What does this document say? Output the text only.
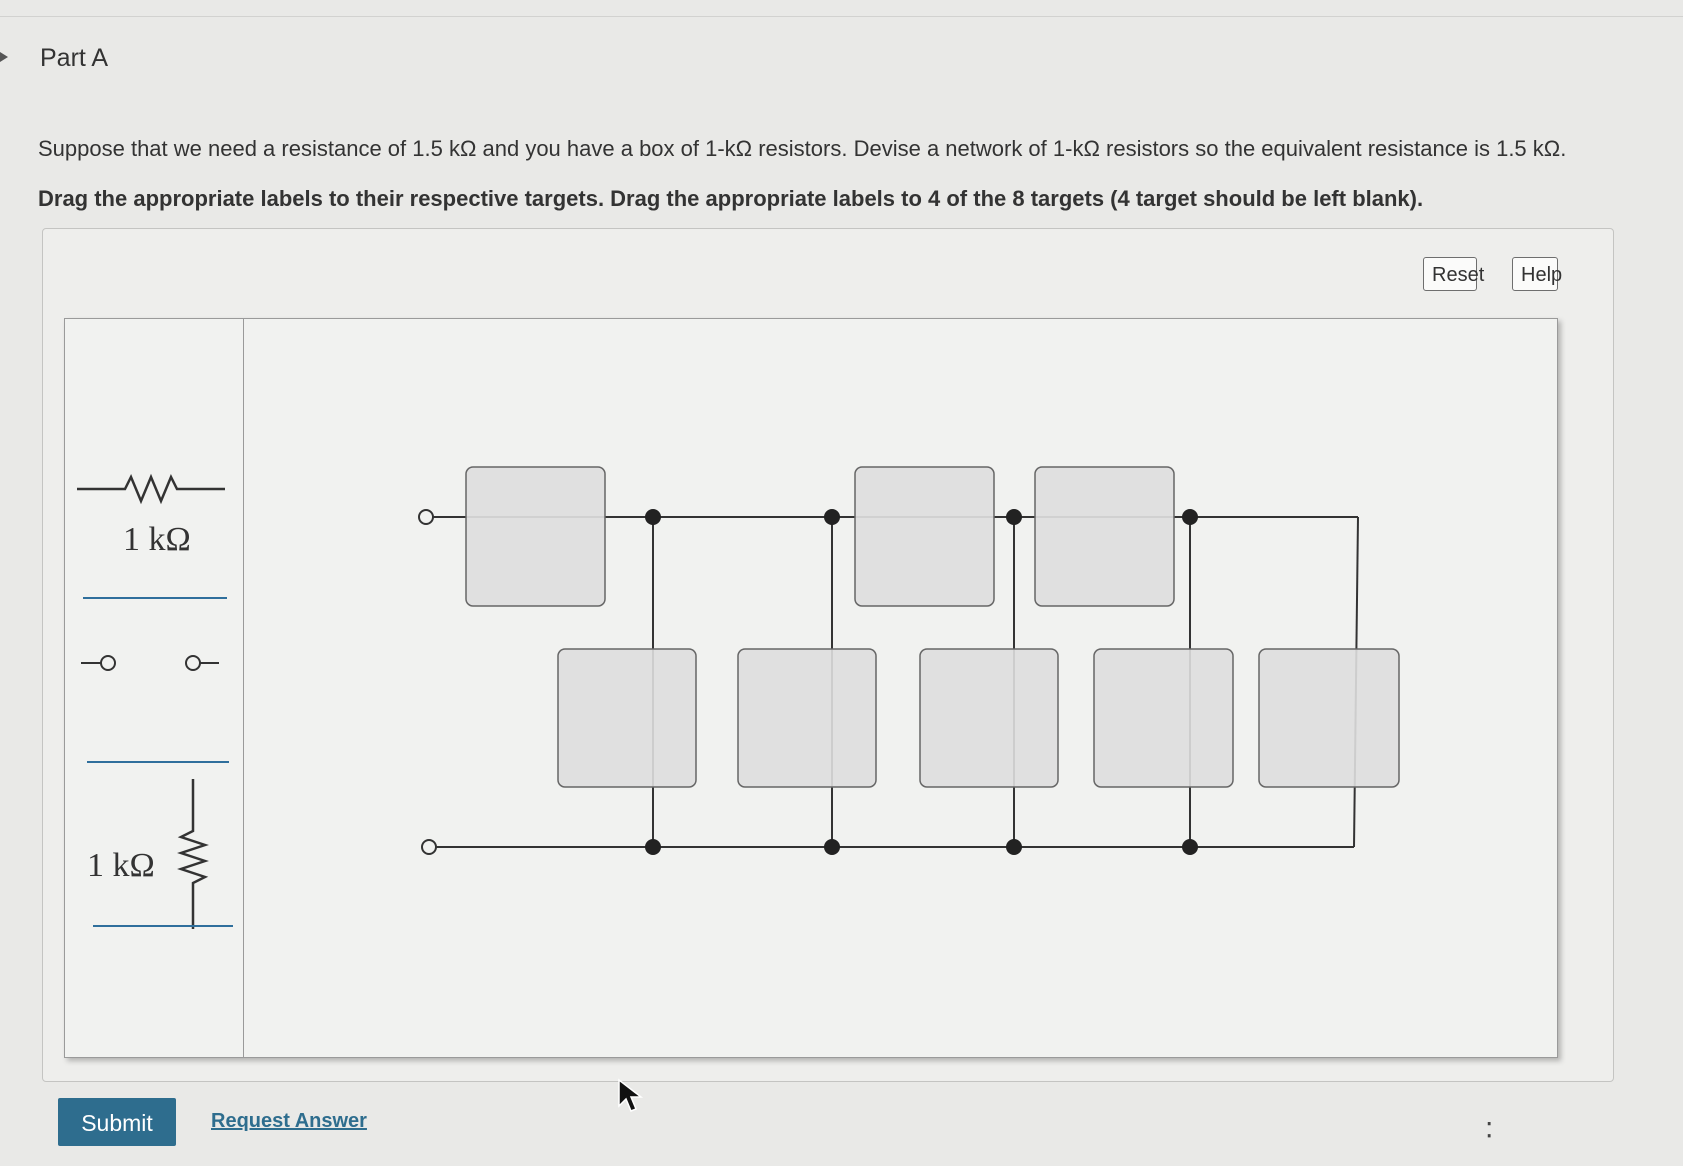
Part A
Suppose that we need a resistance of 1.5 kΩ and you have a box of 1-kΩ resistors. Devise a network of 1-kΩ resistors so the equivalent resistance is 1.5 kΩ.
Drag the appropriate labels to their respective targets. Drag the appropriate labels to 4 of the 8 targets (4 target should be left blank).
Reset	Help
1 kΩ
1 kΩ
Submit	Request Answer	⁚
